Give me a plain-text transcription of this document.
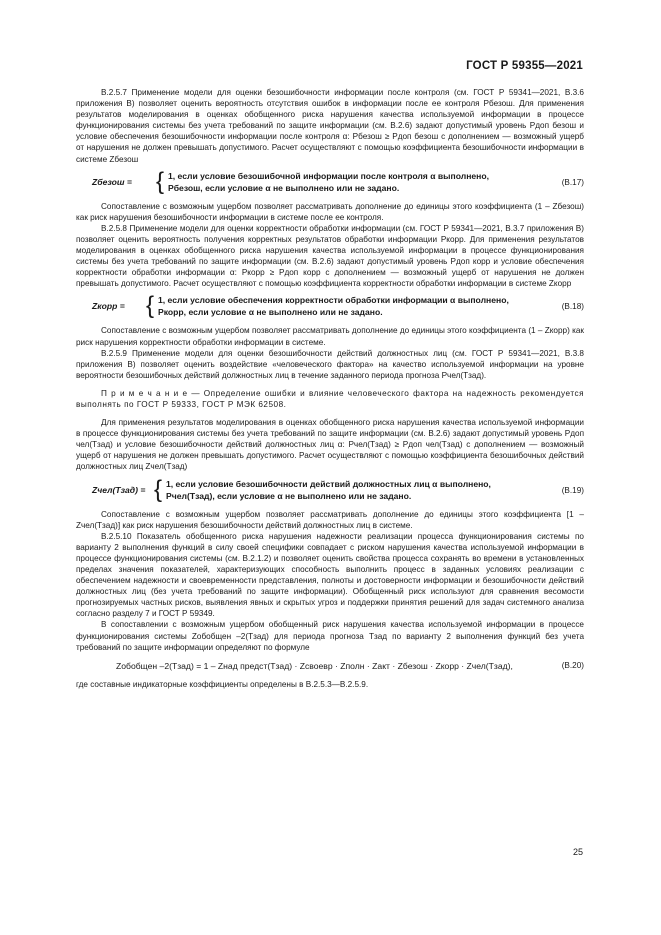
ГОСТ Р 59355—2021

В.2.5.7 Применение модели для оценки безошибочности информации после контроля (см. ГОСТ Р 59341—2021, В.3.6 приложения В) позволяет оценить вероятность отсутствия ошибок в информации после ее контроля Pбезош. Для применения результатов моделирования в оценках обобщенного риска нарушения качества используемой информации в процессе функционирования системы без учета требований по защите информации (см. В.2.6) задают допустимый уровень Pдоп безош и условие обеспечения безошибочности информации после контроля α: Pбезош ≥ Pдоп безош с дополнением — возможный ущерб от нарушения не должен превышать допустимого. Расчет осуществляют с помощью коэффициента безошибочности информации в системе Zбезош

Zбезош = { 1, если условие безошибочной информации после контроля α выполнено,
Pбезош, если условие α не выполнено или не задано.
(В.17)

Сопоставление с возможным ущербом позволяет рассматривать дополнение до единицы этого коэффициента (1 – Zбезош) как риск нарушения безошибочности информации в системе после ее контроля.

В.2.5.8 Применение модели для оценки корректности обработки информации (см. ГОСТ Р 59341—2021, В.3.7 приложения В) позволяет оценить вероятность получения корректных результатов обработки информации Pкорр. Для применения результатов моделирования в оценках обобщенного риска нарушения качества используемой информации в процессе функционирования системы без учета требований по защите информации (см. В.2.6) задают допустимый уровень Pдоп корр и условие обеспечения корректности обработки информации α: Pкорр ≥ Pдоп корр с дополнением — возможный ущерб от нарушения не должен превышать допустимого. Расчет осуществляют с помощью коэффициента корректности обработки информации в системе Zкорр

Zкорр = { 1, если условие обеспечения корректности обработки информации α выполнено,
Pкорр, если условие α не выполнено или не задано.
(В.18)

Сопоставление с возможным ущербом позволяет рассматривать дополнение до единицы этого коэффициента (1 – Zкорр) как риск нарушения корректности обработки информации в системе.

В.2.5.9 Применение модели для оценки безошибочности действий должностных лиц (см. ГОСТ Р 59341—2021, В.3.8 приложения В) позволяет оценить воздействие «человеческого фактора» на качество используемой информации на уровне вероятности безошибочных действий должностных лиц в течение заданного периода прогноза Pчел(Tзад).

П р и м е ч а н и е — Определение ошибки и влияние человеческого фактора на надежность рекомендуется выполнять по ГОСТ Р 59333, ГОСТ Р МЭК 62508.

Для применения результатов моделирования в оценках обобщенного риска нарушения качества используемой информации в процессе функционирования системы без учета требований по защите информации (см. В.2.6) задают допустимый уровень Pдоп чел(Tзад) и условие безошибочности действий должностных лиц α: Pчел(Tзад) ≥ Pдоп чел(Tзад) с дополнением — возможный ущерб от нарушения не должен превышать допустимого. Расчет осуществляют с помощью коэффициента безошибочных действий должностных лиц Zчел(Tзад)

Zчел(Tзад) = { 1, если условие безошибочности действий должностных лиц α выполнено,
Pчел(Tзад), если условие α не выполнено или не задано.
(В.19)

Сопоставление с возможным ущербом позволяет рассматривать дополнение до единицы этого коэффициента [1 – Zчел(Tзад)] как риск нарушения безошибочности действий должностных лиц в системе.

В.2.5.10 Показатель обобщенного риска нарушения надежности реализации процесса функционирования системы по варианту 2 выполнения функций в силу своей специфики совпадает с риском нарушения качества используемой информации в процессе функционирования системы (см. В.2.1.2) и позволяет оценить свойства процесса сохранять во времени в установленных пределах значения показателей, характеризующих способность выполнить процесс в заданных условиях реализации с обеспечением надежности и своевременности представления, полноты и достоверности информации и безошибочности действий должностных лиц (без учета требований по защите информации). Обобщенный риск используют для сравнения весомости прогнозируемых частных рисков, выявления явных и скрытых угроз и поддержки принятия решений для задач системного анализа согласно разделу 7 и ГОСТ Р 59349.

В сопоставлении с возможным ущербом обобщенный риск нарушения качества используемой информации в процессе функционирования системы Zобобщен –2(Tзад) для периода прогноза Tзад по варианту 2 выполнения функций без учета требований по защите информации определяют по формуле

Zобобщен –2(Tзад) = 1 – Zнад предст(Tзад) · Zсвоевр · Zполн · Zакт · Zбезош · Zкорр · Zчел(Tзад),	(В.20)

где составные индикаторные коэффициенты определены в В.2.5.3—В.2.5.9.

25
